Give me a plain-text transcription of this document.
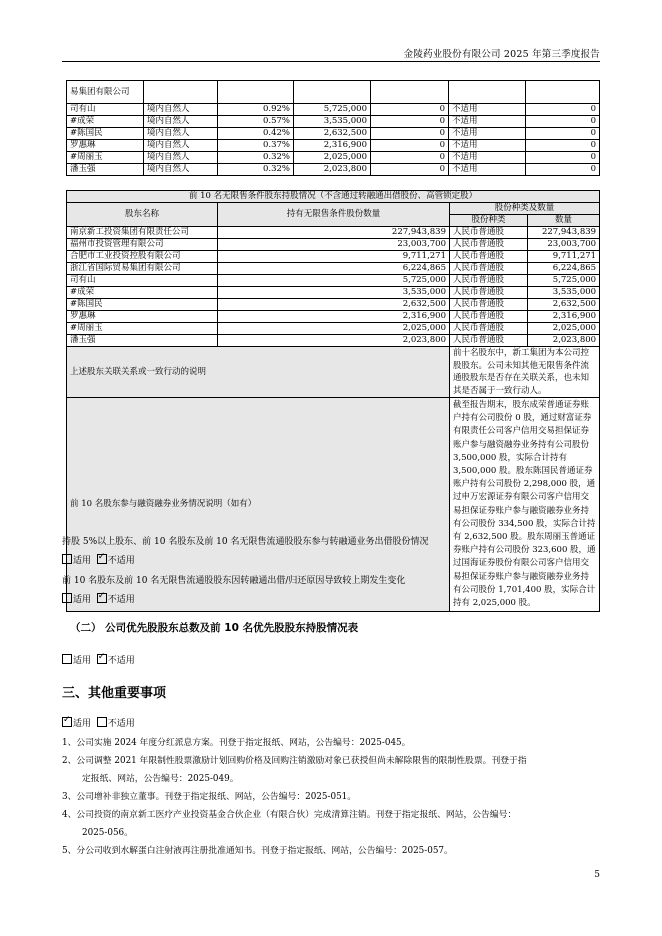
金陵药业股份有限公司 2025 年第三季度报告
易集团有限公司						
司有山	境内自然人	0.92%	5,725,000	0	不适用	0
#成荣	境内自然人	0.57%	3,535,000	0	不适用	0
#陈国民	境内自然人	0.42%	2,632,500	0	不适用	0
罗惠琳	境内自然人	0.37%	2,316,900	0	不适用	0
#周丽玉	境内自然人	0.32%	2,025,000	0	不适用	0
潘玉强	境内自然人	0.32%	2,023,800	0	不适用	0
前 10 名无限售条件股东持股情况（不含通过转融通出借股份、高管锁定股）			
股东名称	持有无限售条件股份数量	股份种类及数量	
		股份种类	数量
南京新工投资集团有限责任公司	227,943,839	人民币普通股	227,943,839
福州市投资管理有限公司	23,003,700	人民币普通股	23,003,700
合肥市工业投资控股有限公司	9,711,271	人民币普通股	9,711,271
浙江省国际贸易集团有限公司	6,224,865	人民币普通股	6,224,865
司有山	5,725,000	人民币普通股	5,725,000
#成荣	3,535,000	人民币普通股	3,535,000
#陈国民	2,632,500	人民币普通股	2,632,500
罗惠琳	2,316,900	人民币普通股	2,316,900
#周丽玉	2,025,000	人民币普通股	2,025,000
潘玉强	2,023,800	人民币普通股	2,023,800
上述股东关联关系或一致行动的说明		前十名股东中，新工集团为本公司控股股东。公司未知其他无限售条件流通股股东是否存在关联关系，也未知其是否属于一致行动人。	
前 10 名股东参与融资融券业务情况说明（如有）		截至报告期末，股东成荣普通证券账户持有公司股份 0 股，通过财富证券有限责任公司客户信用交易担保证券账户参与融资融券业务持有公司股份 3,500,000 股，实际合计持有 3,500,000 股。股东陈国民普通证券账户持有公司股份 2,298,000 股，通过申万宏源证券有限公司客户信用交易担保证券账户参与融资融券业务持有公司股份 334,500 股，实际合计持有 2,632,500 股。股东周丽玉普通证券账户持有公司股份 323,600 股，通过国海证券股份有限公司客户信用交易担保证券账户参与融资融券业务持有公司股份 1,701,400 股，实际合计持有 2,025,000 股。	
持股 5%以上股东、前 10 名股东及前 10 名无限售流通股股东参与转融通业务出借股份情况
适用 ✓ 不适用
前 10 名股东及前 10 名无限售流通股股东因转融通出借/归还原因导致较上期发生变化
适用 ✓ 不适用
（二） 公司优先股股东总数及前 10 名优先股股东持股情况表
适用 ✓ 不适用
三、其他重要事项
✓适用 不适用
1、公司实施 2024 年度分红派息方案。刊登于指定报纸、网站，公告编号：2025-045。
2、公司调整 2021 年限制性股票激励计划回购价格及回购注销激励对象已获授但尚未解除限售的限制性股票。刊登于指
定报纸、网站，公告编号：2025-049。
3、公司增补非独立董事。刊登于指定报纸、网站，公告编号：2025-051。
4、公司投资的南京新工医疗产业投资基金合伙企业（有限合伙）完成清算注销。刊登于指定报纸、网站，公告编号：
2025-056。
5、分公司收到水解蛋白注射液再注册批准通知书。刊登于指定报纸、网站，公告编号：2025-057。
5
